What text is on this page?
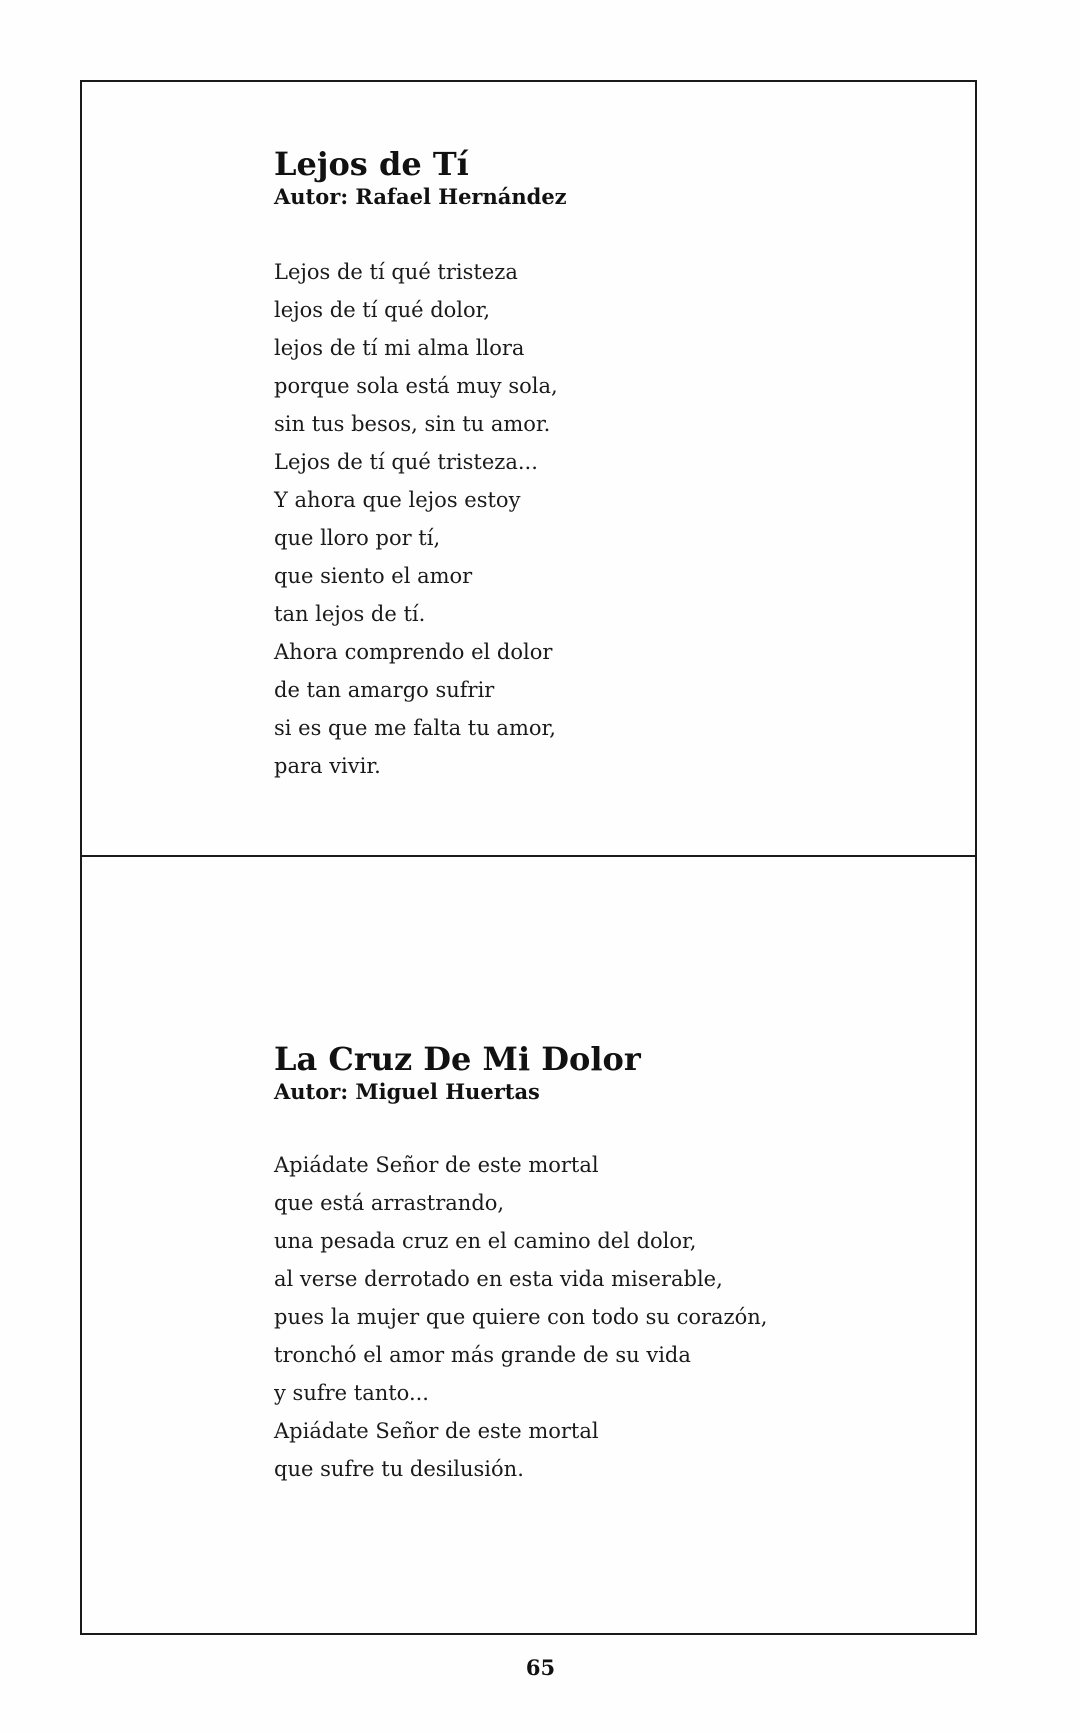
Lejos de Tí

Autor: Rafael Hernández

Lejos de tí qué tristeza
lejos de tí qué dolor,
lejos de tí mi alma llora
porque sola está muy sola,
sin tus besos, sin tu amor.
Lejos de tí qué tristeza...
Y ahora que lejos estoy
que lloro por tí,
que siento el amor
tan lejos de tí.
Ahora comprendo el dolor
de tan amargo sufrir
si es que me falta tu amor,
para vivir.
La Cruz De Mi Dolor

Autor: Miguel Huertas

Apiádate Señor de este mortal
que está arrastrando,
una pesada cruz en el camino del dolor,
al verse derrotado en esta vida miserable,
pues la mujer que quiere con todo su corazón,
tronchó el amor más grande de su vida
y sufre tanto...
Apiádate Señor de este mortal
que sufre tu desilusión.
65
